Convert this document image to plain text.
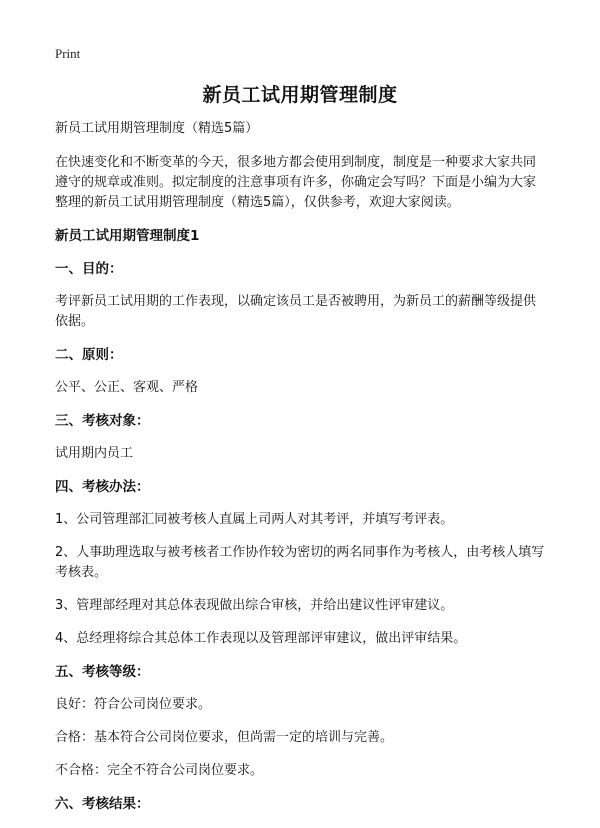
Print
新员工试用期管理制度

新员工试用期管理制度（精选5篇）

在快速变化和不断变革的今天，很多地方都会使用到制度，制度是一种要求大家共同遵守的规章或准则。拟定制度的注意事项有许多，你确定会写吗？下面是小编为大家整理的新员工试用期管理制度（精选5篇），仅供参考，欢迎大家阅读。

新员工试用期管理制度1

一、目的：

考评新员工试用期的工作表现，以确定该员工是否被聘用，为新员工的薪酬等级提供依据。

二、原则：

公平、公正、客观、严格

三、考核对象：

试用期内员工

四、考核办法：

1、公司管理部汇同被考核人直属上司两人对其考评，并填写考评表。

2、人事助理选取与被考核者工作协作较为密切的两名同事作为考核人，由考核人填写考核表。

3、管理部经理对其总体表现做出综合审核，并给出建议性评审建议。

4、总经理将综合其总体工作表现以及管理部评审建议，做出评审结果。

五、考核等级：

良好：符合公司岗位要求。

合格：基本符合公司岗位要求，但尚需一定的培训与完善。

不合格：完全不符合公司岗位要求。

六、考核结果：
